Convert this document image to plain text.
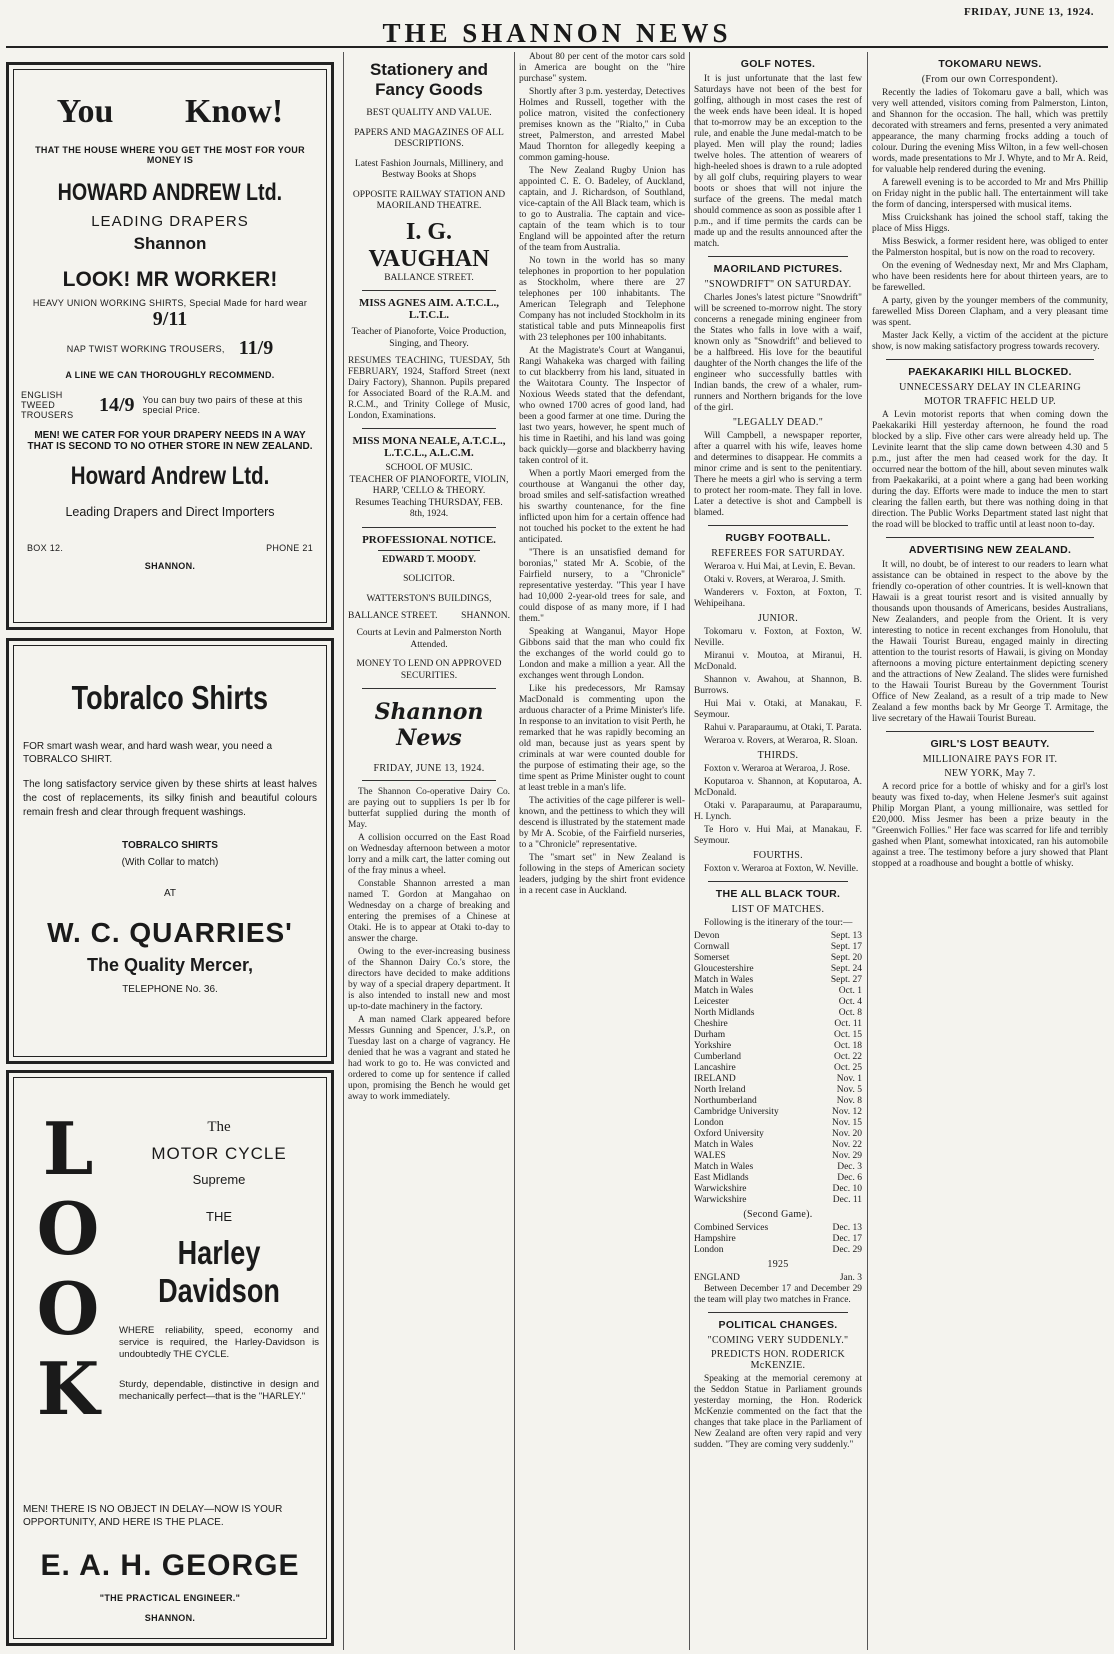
THE SHANNON NEWS
FRIDAY, JUNE 13, 1924.
You Know!
THAT THE HOUSE WHERE YOU GET THE MOST FOR YOUR MONEY IS
HOWARD ANDREW Ltd.
LEADING DRAPERS
Shannon
LOOK! MR WORKER!
HEAVY UNION WORKING SHIRTS, Special Made for hard wear
9/11
NAP TWIST WORKING TROUSERS, 11/9
A LINE WE CAN THOROUGHLY RECOMMEND.
ENGLISH TWEED TROUSERS	14/9 You can buy two pairs of these at this special Price.
MEN! WE CATER FOR YOUR DRAPERY NEEDS IN A WAY THAT IS SECOND TO NO OTHER STORE IN NEW ZEALAND.
Howard Andrew Ltd.
Leading Drapers and Direct Importers
BOX 12.	PHONE 21
SHANNON.
Tobralco Shirts
FOR smart wash wear, and hard wash wear, you need a TOBRALCO SHIRT.
The long satisfactory service given by these shirts at least halves the cost of replacements, its silky finish and beautiful colours remain fresh and clear through frequent washings.
TOBRALCO SHIRTS
(With Collar to match)
AT
W. C. QUARRIES'
The Quality Mercer,
TELEPHONE No. 36.
L
O
O
K
The
MOTOR CYCLE
Supreme
THE
Harley Davidson
WHERE reliability, speed, economy and service is required, the Harley-Davidson is undoubtedly THE CYCLE.
Sturdy, dependable, distinctive in design and mechanically perfect—that is the "HARLEY."
MEN! THERE IS NO OBJECT IN DELAY—NOW IS YOUR OPPORTUNITY, AND HERE IS THE PLACE.
E. A. H. GEORGE
"THE PRACTICAL ENGINEER."
SHANNON.
Stationery and Fancy Goods
BEST QUALITY AND VALUE.
PAPERS AND MAGAZINES OF ALL DESCRIPTIONS.
Latest Fashion Journals, Millinery, and Bestway Books at Shops
OPPOSITE RAILWAY STATION AND MAORILAND THEATRE.
I. G. VAUGHAN
BALLANCE STREET.
MISS AGNES AIM. A.T.C.L., L.T.C.L.
Teacher of Pianoforte, Voice Production, Singing, and Theory.

RESUMES TEACHING, TUESDAY, 5th FEBRUARY, 1924, Stafford Street (next Dairy Factory), Shannon. Pupils prepared for Associated Board of the R.A.M. and R.C.M., and Trinity College of Music, London, Examinations.

MISS MONA NEALE, A.T.C.L., L.T.C.L., A.L.C.M.
SCHOOL OF MUSIC.
TEACHER OF PIANOFORTE, VIOLIN, HARP, 'CELLO & THEORY.
Resumes Teaching THURSDAY, FEB. 8th, 1924.
PROFESSIONAL NOTICE.
EDWARD T. MOODY.
SOLICITOR.
WATTERSTON'S BUILDINGS,
BALLANCE STREET. SHANNON.
Courts at Levin and Palmerston North Attended.
MONEY TO LEND ON APPROVED SECURITIES.
Shannon News
FRIDAY, JUNE 13, 1924.

The Shannon Co-operative Dairy Co. are paying out to suppliers 1s per lb for butterfat supplied during the month of May.

A collision occurred on the East Road on Wednesday afternoon between a motor lorry and a milk cart, the latter coming out of the fray minus a wheel.

Constable Shannon arrested a man named T. Gordon at Mangahao on Wednesday on a charge of breaking and entering the premises of a Chinese at Otaki. He is to appear at Otaki to-day to answer the charge.

Owing to the ever-increasing business of the Shannon Dairy Co.'s store, the directors have decided to make additions by way of a special drapery department. It is also intended to install new and most up-to-date machinery in the factory.

A man named Clark appeared before Messrs Gunning and Spencer, J.'s.P., on Tuesday last on a charge of vagrancy. He denied that he was a vagrant and stated he had work to go to. He was convicted and ordered to come up for sentence if called upon, promising the Bench he would get away to work immediately.

About 80 per cent of the motor cars sold in America are bought on the "hire purchase" system.

Shortly after 3 p.m. yesterday, Detectives Holmes and Russell, together with the police matron, visited the confectionery premises known as the "Rialto," in Cuba street, Palmerston, and arrested Mabel Maud Thornton for allegedly keeping a common gaming-house.

The New Zealand Rugby Union has appointed C. E. O. Badeley, of Auckland, captain, and J. Richardson, of Southland, vice-captain of the All Black team, which is to go to Australia. The captain and vice-captain of the team which is to tour England will be appointed after the return of the team from Australia.

No town in the world has so many telephones in proportion to her population as Stockholm, where there are 27 telephones per 100 inhabitants. The American Telegraph and Telephone Company has not included Stockholm in its statistical table and puts Minneapolis first with 23 telephones per 100 inhabitants.

At the Magistrate's Court at Wanganui, Rangi Wahakeka was charged with failing to cut blackberry from his land, situated in the Waitotara County. The Inspector of Noxious Weeds stated that the defendant, who owned 1700 acres of good land, had been a good farmer at one time. During the last two years, however, he spent much of his time in Raetihi, and his land was going back quickly—gorse and blackberry having taken control of it.

When a portly Maori emerged from the courthouse at Wanganui the other day, broad smiles and self-satisfaction wreathed his swarthy countenance, for the fine inflicted upon him for a certain offence had not touched his pocket to the extent he had anticipated.

"There is an unsatisfied demand for boronias," stated Mr A. Scobie, of the Fairfield nursery, to a "Chronicle" representative yesterday. "This year I have had 10,000 2-year-old trees for sale, and could dispose of as many more, if I had them."

Speaking at Wanganui, Mayor Hope Gibbons said that the man who could fix the exchanges of the world could go to London and make a million a year. All the exchanges went through London.

Like his predecessors, Mr Ramsay MacDonald is commenting upon the arduous character of a Prime Minister's life. In response to an invitation to visit Perth, he remarked that he was rapidly becoming an old man, because just as years spent by criminals at war were counted double for the purpose of estimating their age, so the time spent as Prime Minister ought to count at least treble in a man's life.

The activities of the cage pilferer is well-known, and the pettiness to which they will descend is illustrated by the statement made by Mr A. Scobie, of the Fairfield nurseries, to a "Chronicle" representative.

The "smart set" in New Zealand is following in the steps of American society leaders, judging by the shirt front evidence in a recent case in Auckland.

GOLF NOTES.

It is just unfortunate that the last few Saturdays have not been of the best for golfing, although in most cases the rest of the week ends have been ideal. It is hoped that to-morrow may be an exception to the rule, and enable the June medal-match to be played. Men will play the round; ladies twelve holes. The attention of wearers of high-heeled shoes is drawn to a rule adopted by all golf clubs, requiring players to wear boots or shoes that will not injure the surface of the greens. The medal match should commence as soon as possible after 1 p.m., and if time permits the cards can be made up and the results announced after the match.

MAORILAND PICTURES.
"SNOWDRIFT" ON SATURDAY.

Charles Jones's latest picture "Snowdrift" will be screened to-morrow night. The story concerns a renegade mining engineer from the States who falls in love with a waif, known only as "Snowdrift" and believed to be a halfbreed. His love for the beautiful daughter of the North changes the life of the engineer who successfully battles with Indian bands, the crew of a whaler, rum-runners and Northern brigands for the love of the girl.

"LEGALLY DEAD."

Will Campbell, a newspaper reporter, after a quarrel with his wife, leaves home and determines to disappear. He commits a minor crime and is sent to the penitentiary. There he meets a girl who is serving a term to protect her room-mate. They fall in love. Later a detective is shot and Campbell is blamed.

RUGBY FOOTBALL.
REFEREES FOR SATURDAY.

Weraroa v. Hui Mai, at Levin, E. Bevan.

Otaki v. Rovers, at Weraroa, J. Smith.

Wanderers v. Foxton, at Foxton, T. Wehipeihana.

JUNIOR.

Tokomaru v. Foxton, at Foxton, W. Neville.

Miranui v. Moutoa, at Miranui, H. McDonald.

Shannon v. Awahou, at Shannon, B. Burrows.

Hui Mai v. Otaki, at Manakau, F. Seymour.

Rahui v. Paraparaumu, at Otaki, T. Parata.

Weraroa v. Rovers, at Weraroa, R. Sloan.

THIRDS.

Foxton v. Weraroa at Weraroa, J. Rose.

Koputaroa v. Shannon, at Koputaroa, A. McDonald.

Otaki v. Paraparaumu, at Paraparaumu, H. Lynch.

Te Horo v. Hui Mai, at Manakau, F. Seymour.

FOURTHS.

Foxton v. Weraroa at Foxton, W. Neville.

THE ALL BLACK TOUR.
LIST OF MATCHES.

Following is the itinerary of the tour:—

Devon	Sept. 13
Cornwall	Sept. 17
Somerset	Sept. 20
Gloucestershire	Sept. 24
Match in Wales	Sept. 27
Match in Wales	Oct. 1
Leicester	Oct. 4
North Midlands	Oct. 8
Cheshire	Oct. 11
Durham	Oct. 15
Yorkshire	Oct. 18
Cumberland	Oct. 22
Lancashire	Oct. 25
IRELAND	Nov. 1
North Ireland	Nov. 5
Northumberland	Nov. 8
Cambridge University	Nov. 12
London	Nov. 15
Oxford University	Nov. 20
Match in Wales	Nov. 22
WALES	Nov. 29
Match in Wales	Dec. 3
East Midlands	Dec. 6
Warwickshire	Dec. 10
Warwickshire	Dec. 11
(Second Game).
Combined Services	Dec. 13
Hampshire	Dec. 17
London	Dec. 29
1925
ENGLAND	Jan. 3

Between December 17 and December 29 the team will play two matches in France.

POLITICAL CHANGES.
"COMING VERY SUDDENLY."
PREDICTS HON. RODERICK McKENZIE.

Speaking at the memorial ceremony at the Seddon Statue in Parliament grounds yesterday morning, the Hon. Roderick McKenzie commented on the fact that the changes that take place in the Parliament of New Zealand are often very rapid and very sudden. "They are coming very suddenly."

TOKOMARU NEWS.
(From our own Correspondent).

Recently the ladies of Tokomaru gave a ball, which was very well attended, visitors coming from Palmerston, Linton, and Shannon for the occasion. The hall, which was prettily decorated with streamers and ferns, presented a very animated appearance, the many charming frocks adding a touch of colour. During the evening Miss Wilton, in a few well-chosen words, made presentations to Mr J. Whyte, and to Mr A. Reid, for valuable help rendered during the evening.

A farewell evening is to be accorded to Mr and Mrs Phillip on Friday night in the public hall. The entertainment will take the form of dancing, interspersed with musical items.

Miss Cruickshank has joined the school staff, taking the place of Miss Higgs.

Miss Beswick, a former resident here, was obliged to enter the Palmerston hospital, but is now on the road to recovery.

On the evening of Wednesday next, Mr and Mrs Clapham, who have been residents here for about thirteen years, are to be farewelled.

A party, given by the younger members of the community, farewelled Miss Doreen Clapham, and a very pleasant time was spent.

Master Jack Kelly, a victim of the accident at the picture show, is now making satisfactory progress towards recovery.

PAEKAKARIKI HILL BLOCKED.
UNNECESSARY DELAY IN CLEARING
MOTOR TRAFFIC HELD UP.

A Levin motorist reports that when coming down the Paekakariki Hill yesterday afternoon, he found the road blocked by a slip. Five other cars were already held up. The Levinite learnt that the slip came down between 4.30 and 5 p.m., just after the men had ceased work for the day. It occurred near the bottom of the hill, about seven minutes walk from Paekakariki, at a point where a gang had been working during the day. Efforts were made to induce the men to start clearing the fallen earth, but there was nothing doing in that direction. The Public Works Department stated last night that the road will be blocked to traffic until at least noon to-day.

ADVERTISING NEW ZEALAND.

It will, no doubt, be of interest to our readers to learn what assistance can be obtained in respect to the above by the friendly co-operation of other countries. It is well-known that Hawaii is a great tourist resort and is visited annually by thousands upon thousands of Americans, besides Australians, New Zealanders, and people from the Orient. It is very interesting to notice in recent exchanges from Honolulu, that the Hawaii Tourist Bureau, engaged mainly in directing attention to the tourist resorts of Hawaii, is giving on Monday afternoons a moving picture entertainment depicting scenery and the attractions of New Zealand. The slides were furnished to the Hawaii Tourist Bureau by the Government Tourist Office of New Zealand, as a result of a trip made to New Zealand a few months back by Mr George T. Armitage, the live secretary of the Hawaii Tourist Bureau.

GIRL'S LOST BEAUTY.
MILLIONAIRE PAYS FOR IT.
NEW YORK, May 7.

A record price for a bottle of whisky and for a girl's lost beauty was fixed to-day, when Helene Jesmer's suit against Philip Morgan Plant, a young millionaire, was settled for £20,000. Miss Jesmer has been a prize beauty in the "Greenwich Follies." Her face was scarred for life and terribly gashed when Plant, somewhat intoxicated, ran his automobile against a tree. The testimony before a jury showed that Plant stopped at a roadhouse and bought a bottle of whisky.
